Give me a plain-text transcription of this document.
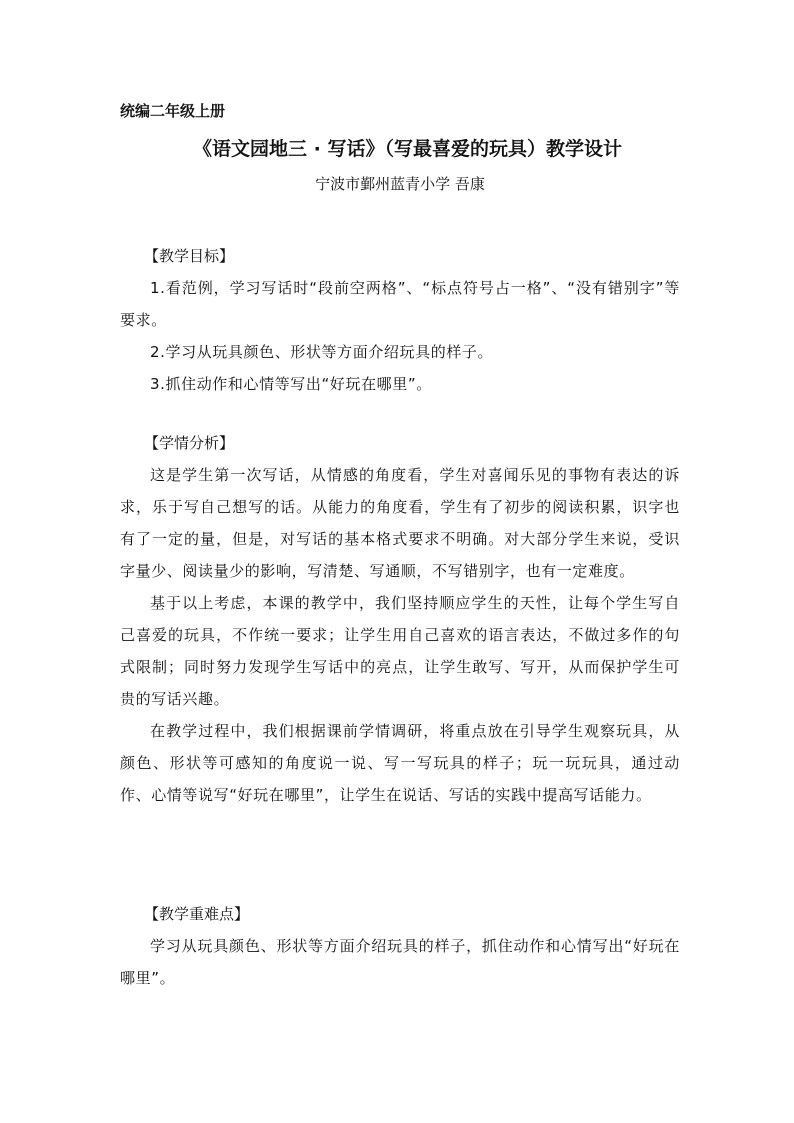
统编二年级上册
《语文园地三 · 写话》（写最喜爱的玩具）教学设计
宁波市鄞州蓝青小学 吾康
【教学目标】

1.看范例，学习写话时“段前空两格”、“标点符号占一格”、“没有错别字”等要求。

2.学习从玩具颜色、形状等方面介绍玩具的样子。

3.抓住动作和心情等写出“好玩在哪里”。

【学情分析】

这是学生第一次写话，从情感的角度看，学生对喜闻乐见的事物有表达的诉求，乐于写自己想写的话。从能力的角度看，学生有了初步的阅读积累，识字也有了一定的量，但是，对写话的基本格式要求不明确。对大部分学生来说，受识字量少、阅读量少的影响，写清楚、写通顺，不写错别字，也有一定难度。

基于以上考虑，本课的教学中，我们坚持顺应学生的天性，让每个学生写自己喜爱的玩具，不作统一要求；让学生用自己喜欢的语言表达，不做过多作的句式限制；同时努力发现学生写话中的亮点，让学生敢写、写开，从而保护学生可贵的写话兴趣。

在教学过程中，我们根据课前学情调研，将重点放在引导学生观察玩具，从颜色、形状等可感知的角度说一说、写一写玩具的样子；玩一玩玩具，通过动作、心情等说写“好玩在哪里”，让学生在说话、写话的实践中提高写话能力。

【教学重难点】

学习从玩具颜色、形状等方面介绍玩具的样子，抓住动作和心情写出“好玩在哪里”。
